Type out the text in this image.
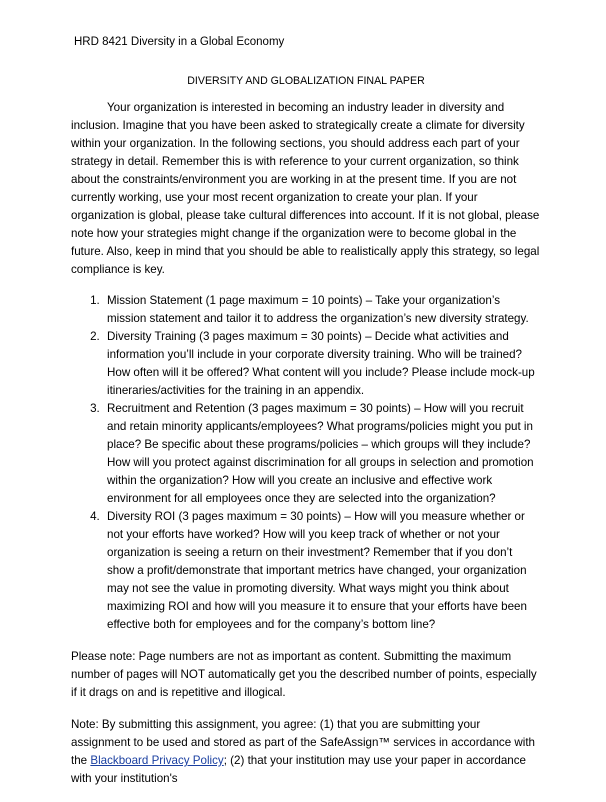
HRD 8421 Diversity in a Global Economy
DIVERSITY AND GLOBALIZATION FINAL PAPER

Your organization is interested in becoming an industry leader in diversity and inclusion. Imagine that you have been asked to strategically create a climate for diversity within your organization. In the following sections, you should address each part of your strategy in detail. Remember this is with reference to your current organization, so think about the constraints/environment you are working in at the present time. If you are not currently working, use your most recent organization to create your plan. If your organization is global, please take cultural differences into account. If it is not global, please note how your strategies might change if the organization were to become global in the future. Also, keep in mind that you should be able to realistically apply this strategy, so legal compliance is key.

1. Mission Statement (1 page maximum = 10 points) – Take your organization’s mission statement and tailor it to address the organization’s new diversity strategy.
2. Diversity Training (3 pages maximum = 30 points) – Decide what activities and information you’ll include in your corporate diversity training. Who will be trained? How often will it be offered? What content will you include? Please include mock-up itineraries/activities for the training in an appendix.
3. Recruitment and Retention (3 pages maximum = 30 points) – How will you recruit and retain minority applicants/employees? What programs/policies might you put in place? Be specific about these programs/policies – which groups will they include? How will you protect against discrimination for all groups in selection and promotion within the organization? How will you create an inclusive and effective work environment for all employees once they are selected into the organization?
4. Diversity ROI (3 pages maximum = 30 points) – How will you measure whether or not your efforts have worked? How will you keep track of whether or not your organization is seeing a return on their investment? Remember that if you don’t show a profit/demonstrate that important metrics have changed, your organization may not see the value in promoting diversity. What ways might you think about maximizing ROI and how will you measure it to ensure that your efforts have been effective both for employees and for the company’s bottom line?

Please note: Page numbers are not as important as content. Submitting the maximum number of pages will NOT automatically get you the described number of points, especially if it drags on and is repetitive and illogical.

Note: By submitting this assignment, you agree: (1) that you are submitting your assignment to be used and stored as part of the SafeAssign™ services in accordance with the Blackboard Privacy Policy; (2) that your institution may use your paper in accordance with your institution's
